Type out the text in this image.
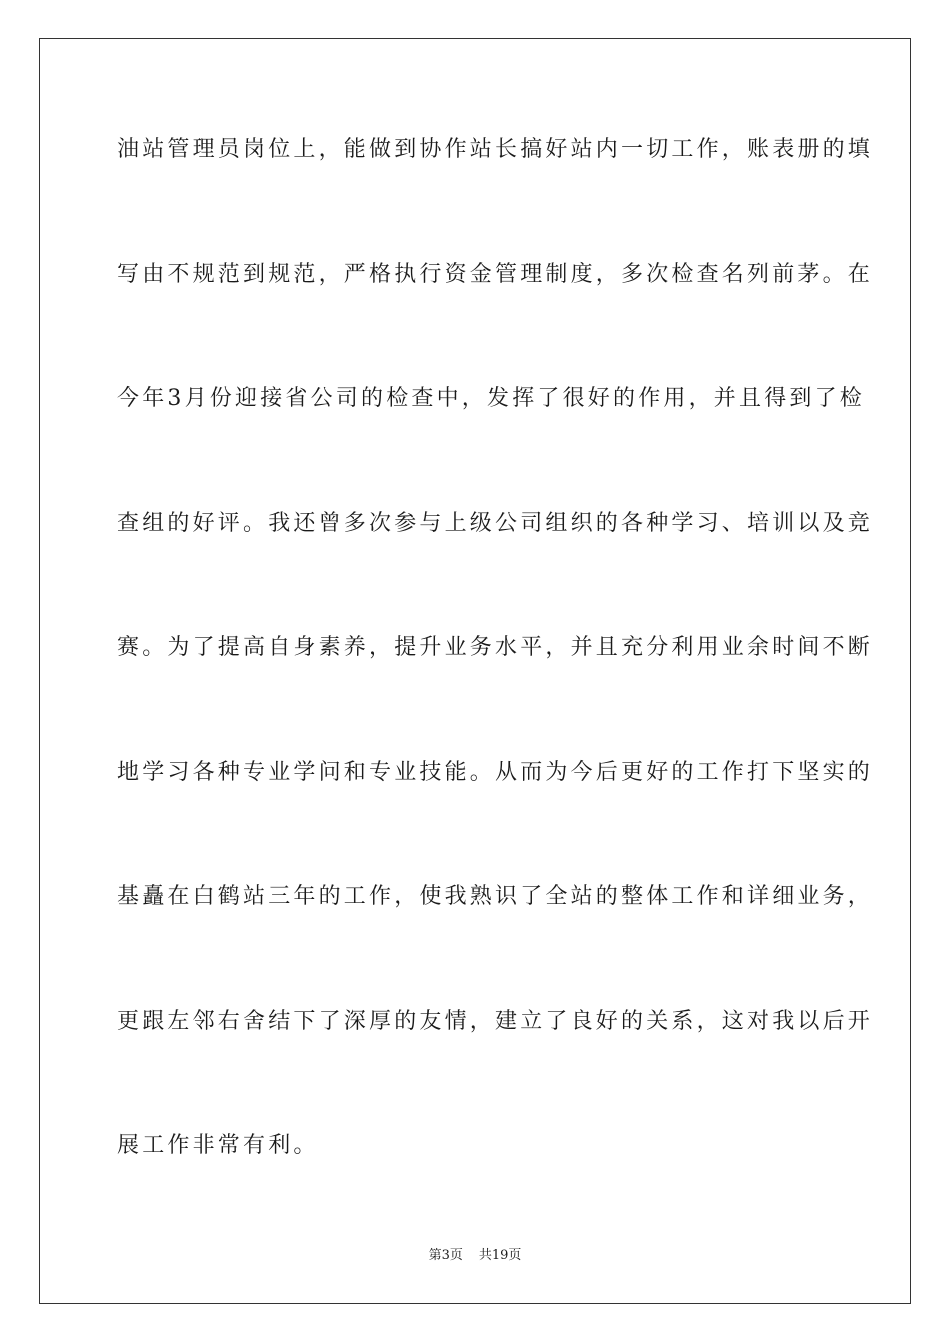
油站管理员岗位上，能做到协作站长搞好站内一切工作，账表册的填
写由不规范到规范，严格执行资金管理制度，多次检查名列前茅。在
今年3月份迎接省公司的检查中，发挥了很好的作用，并且得到了检
查组的好评。我还曾多次参与上级公司组织的各种学习、培训以及竞
赛。为了提高自身素养，提升业务水平，并且充分利用业余时间不断
地学习各种专业学问和专业技能。从而为今后更好的工作打下坚实的
基矗在白鹤站三年的工作，使我熟识了全站的整体工作和详细业务，
更跟左邻右舍结下了深厚的友情，建立了良好的关系，这对我以后开
展工作非常有利。
第3页 共19页
